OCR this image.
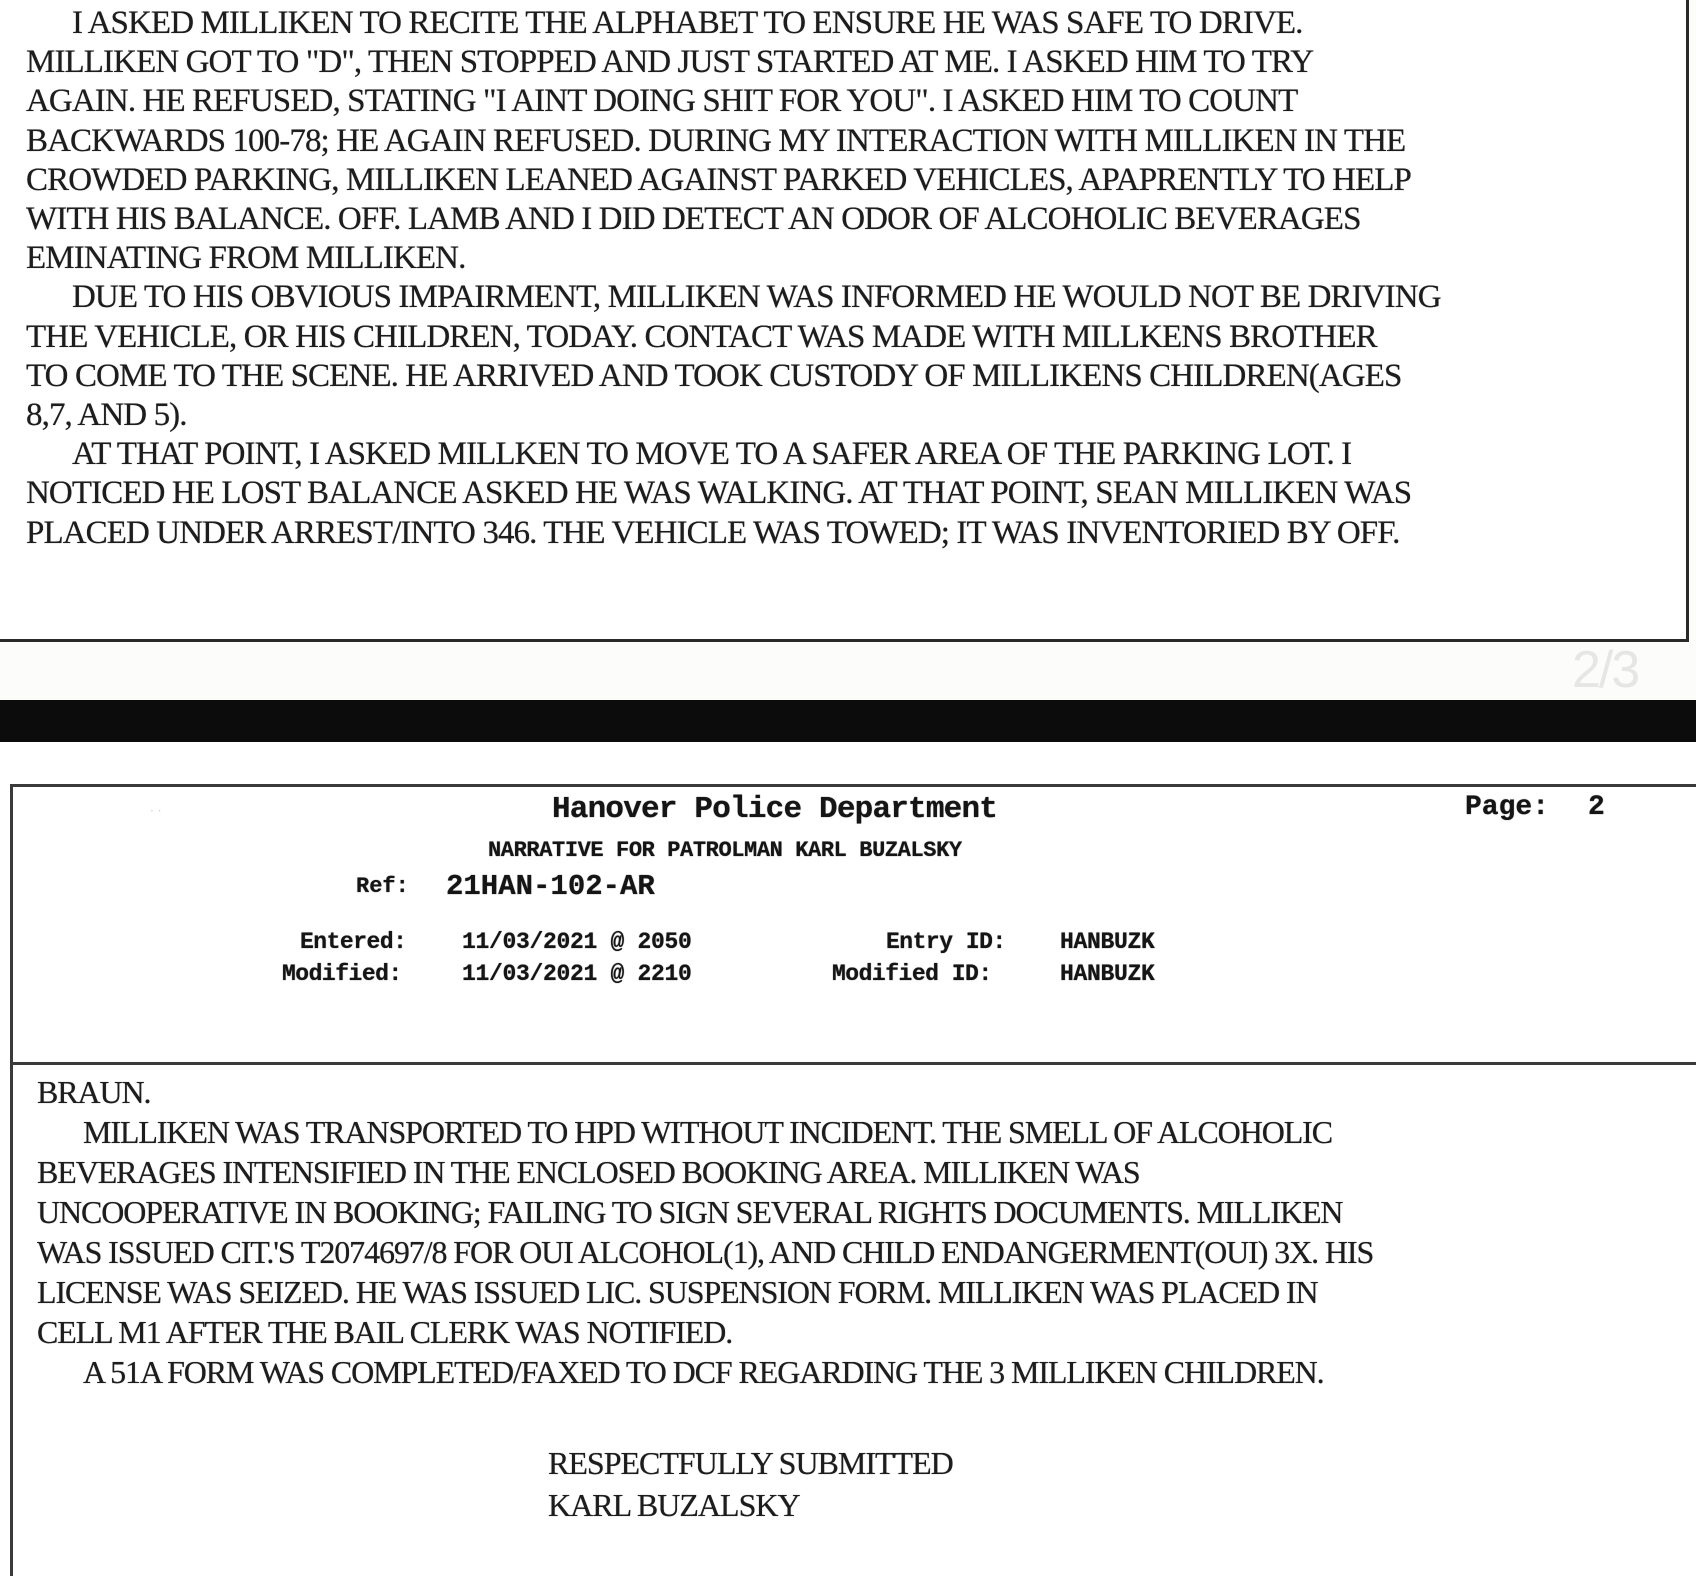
I ASKED MILLIKEN TO RECITE THE ALPHABET TO ENSURE HE WAS SAFE TO DRIVE.
MILLIKEN GOT TO "D", THEN STOPPED AND JUST STARTED AT ME. I ASKED HIM TO TRY
AGAIN. HE REFUSED, STATING "I AINT DOING SHIT FOR YOU". I ASKED HIM TO COUNT
BACKWARDS 100-78; HE AGAIN REFUSED. DURING MY INTERACTION WITH MILLIKEN IN THE
CROWDED PARKING, MILLIKEN LEANED AGAINST PARKED VEHICLES, APAPRENTLY TO HELP
WITH HIS BALANCE. OFF. LAMB AND I DID DETECT AN ODOR OF ALCOHOLIC BEVERAGES
EMINATING FROM MILLIKEN.
DUE TO HIS OBVIOUS IMPAIRMENT, MILLIKEN WAS INFORMED HE WOULD NOT BE DRIVING
THE VEHICLE, OR HIS CHILDREN, TODAY. CONTACT WAS MADE WITH MILLKENS BROTHER
TO COME TO THE SCENE. HE ARRIVED AND TOOK CUSTODY OF MILLIKENS CHILDREN(AGES
8,7, AND 5).
AT THAT POINT, I ASKED MILLKEN TO MOVE TO A SAFER AREA OF THE PARKING LOT. I
NOTICED HE LOST BALANCE ASKED HE WAS WALKING. AT THAT POINT, SEAN MILLIKEN WAS
PLACED UNDER ARREST/INTO 346. THE VEHICLE WAS TOWED; IT WAS INVENTORIED BY OFF.
2/3
· ·	Hanover Police Department	Page: 2
NARRATIVE FOR PATROLMAN KARL BUZALSKY
Ref: 21HAN-102-AR
Entered: 11/03/2021 @ 2050
Modified:	11/03/2021 @ 2210
Entry ID: HANBUZK
Modified ID:	HANBUZK
BRAUN.
MILLIKEN WAS TRANSPORTED TO HPD WITHOUT INCIDENT. THE SMELL OF ALCOHOLIC
BEVERAGES INTENSIFIED IN THE ENCLOSED BOOKING AREA. MILLIKEN WAS
UNCOOPERATIVE IN BOOKING; FAILING TO SIGN SEVERAL RIGHTS DOCUMENTS. MILLIKEN
WAS ISSUED CIT.'S T2074697/8 FOR OUI ALCOHOL(1), AND CHILD ENDANGERMENT(OUI) 3X. HIS
LICENSE WAS SEIZED. HE WAS ISSUED LIC. SUSPENSION FORM. MILLIKEN WAS PLACED IN
CELL M1 AFTER THE BAIL CLERK WAS NOTIFIED.
A 51A FORM WAS COMPLETED/FAXED TO DCF REGARDING THE 3 MILLIKEN CHILDREN.
RESPECTFULLY SUBMITTED
KARL BUZALSKY
